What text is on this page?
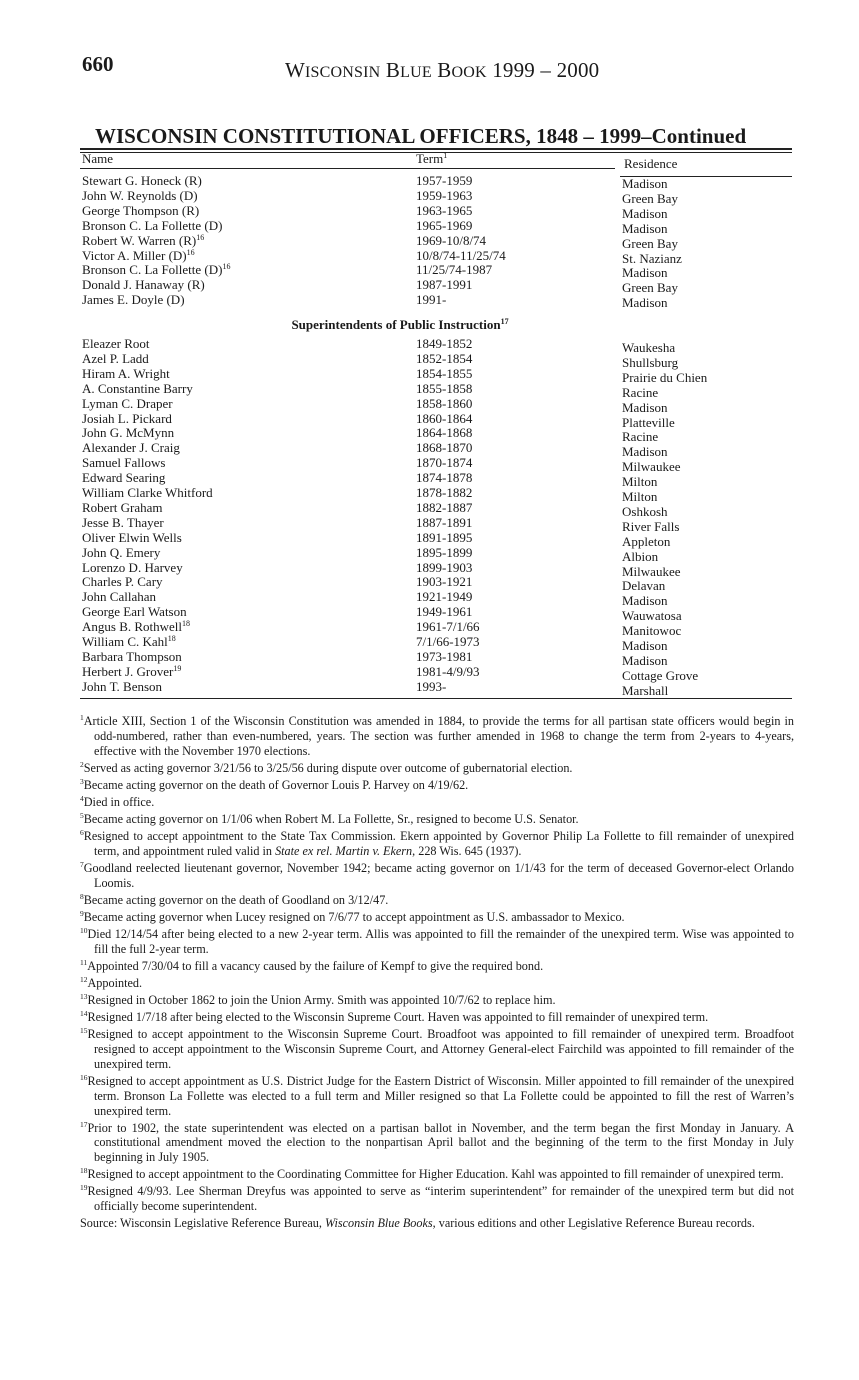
660	WISCONSIN BLUE BOOK 1999 – 2000
WISCONSIN CONSTITUTIONAL OFFICERS, 1848 – 1999–Continued
Name	Term$^1$
Residence
Stewart G. Honeck (R)	1957-1959	Madison
John W. Reynolds (D)	1959-1963	Green Bay
George Thompson (R)	1963-1965	Madison
Bronson C. La Follette (D)	1965-1969	Madison
Robert W. Warren $(R)^{16}$	1969-10/8/74	Green Bay
Victor A. Miller $(D)^{16}$	10/8/74-11/25/74	St. Nazianz
Bronson C. La Follette $(D)^{16}$	11/25/74-1987	Madison
Donald J. Hanaway (R)	1987-1991	Green Bay
James E. Doyle (D)	1991-	Madison
Superintendents of Public Instruction$^{17}$
Eleazer Root	1849-1852	Waukesha
Azel P. Ladd	1852-1854	Shullsburg
Hiram A. Wright	1854-1855	Prairie du Chien
A. Constantine Barry	1855-1858	Racine
Lyman C. Draper	1858-1860	Madison
Josiah L. Pickard	1860-1864	Platteville
John G. McMynn	1864-1868	Racine
Alexander J. Craig	1868-1870	Madison
Samuel Fallows	1870-1874	Milwaukee
Edward Searing	1874-1878	Milton
William Clarke Whitford	1878-1882	Milton
Robert Graham	1882-1887	Oshkosh
Jesse B. Thayer	1887-1891	River Falls
Oliver Elwin Wells	1891-1895	Appleton
John Q. Emery	1895-1899	Albion
Lorenzo D. Harvey	1899-1903	Milwaukee
Charles P. Cary	1903-1921	Delavan
John Callahan	1921-1949	Madison
George Earl Watson	1949-1961	Wauwatosa
Angus B. Rothwell$^{18}$	1961-7/1/66	Manitowoc
William C. Kahl$^{18}$	7/1/66-1973	Madison
Barbara Thompson	1973-1981	Madison
Herbert J. Grover$^{19}$	1981-4/9/93	Cottage Grove
John T. Benson	1993-	Marshall
$^1$Article XIII, Section 1 of the Wisconsin Constitution was amended in 1884, to provide the terms for all partisan state officers would begin in odd-numbered, rather than even-numbered, years. The section was further amended in 1968 to change the term from 2-years to 4-years, effective with the November 1970 elections.
$^2$Served as acting governor 3/21/56 to 3/25/56 during dispute over outcome of gubernatorial election.
$^3$Became acting governor on the death of Governor Louis P. Harvey on 4/19/62.
$^4$Died in office.
$^5$Became acting governor on 1/1/06 when Robert M. La Follette, Sr., resigned to become U.S. Senator.
$^6$Resigned to accept appointment to the State Tax Commission. Ekern appointed by Governor Philip La Follette to fill remainder of unexpired term, and appointment ruled valid in State ex rel. Martin v. Ekern, 228 Wis. 645 (1937).
$^7$Goodland reelected lieutenant governor, November 1942; became acting governor on 1/1/43 for the term of deceased Governor-elect Orlando Loomis.
$^8$Became acting governor on the death of Goodland on 3/12/47.
$^9$Became acting governor when Lucey resigned on 7/6/77 to accept appointment as U.S. ambassador to Mexico.
$^{10}$Died 12/14/54 after being elected to a new 2-year term. Allis was appointed to fill the remainder of the unexpired term. Wise was appointed to fill the full 2-year term.
$^{11}$Appointed 7/30/04 to fill a vacancy caused by the failure of Kempf to give the required bond.
$^{12}$Appointed.
$^{13}$Resigned in October 1862 to join the Union Army. Smith was appointed 10/7/62 to replace him.
$^{14}$Resigned 1/7/18 after being elected to the Wisconsin Supreme Court. Haven was appointed to fill remainder of unexpired term.
$^{15}$Resigned to accept appointment to the Wisconsin Supreme Court. Broadfoot was appointed to fill remainder of unexpired term. Broadfoot resigned to accept appointment to the Wisconsin Supreme Court, and Attorney General-elect Fairchild was appointed to fill remainder of the unexpired term.
$^{16}$Resigned to accept appointment as U.S. District Judge for the Eastern District of Wisconsin. Miller appointed to fill remainder of the unexpired term. Bronson La Follette was elected to a full term and Miller resigned so that La Follette could be appointed to fill the rest of Warren’s unexpired term.
$^{17}$Prior to 1902, the state superintendent was elected on a partisan ballot in November, and the term began the first Monday in January. A constitutional amendment moved the election to the nonpartisan April ballot and the beginning of the term to the first Monday in July beginning in July 1905.
$^{18}$Resigned to accept appointment to the Coordinating Committee for Higher Education. Kahl was appointed to fill remainder of unexpired term.
$^{19}$Resigned 4/9/93. Lee Sherman Dreyfus was appointed to serve as “interim superintendent” for remainder of the unexpired term but did not officially become superintendent.
Source: Wisconsin Legislative Reference Bureau, Wisconsin Blue Books, various editions and other Legislative Reference Bureau records.
